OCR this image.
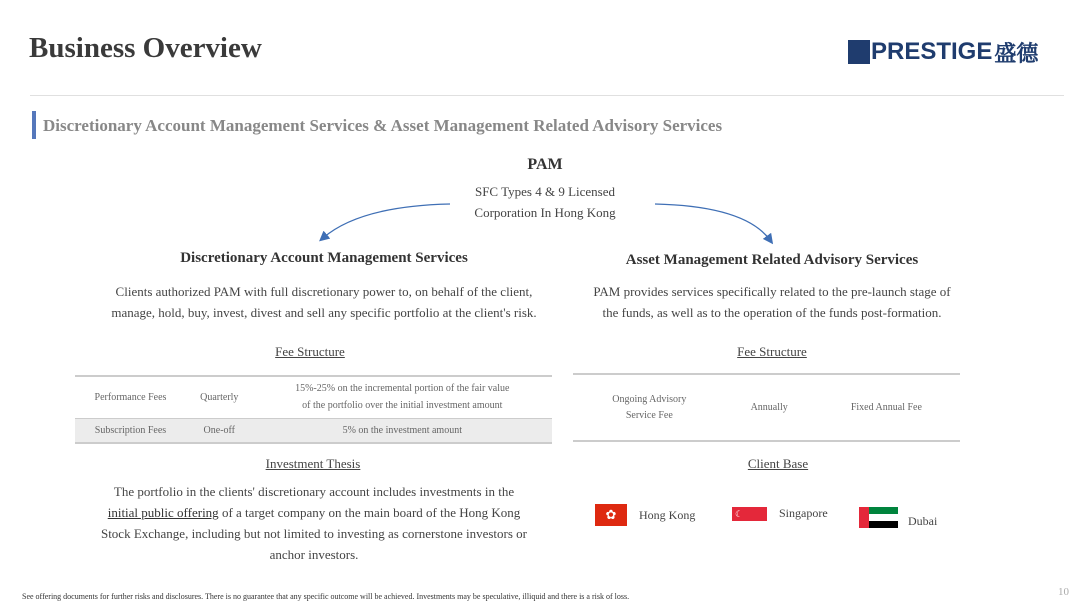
Business Overview	PRESTIGE 盛德
Discretionary Account Management Services & Asset Management Related Advisory Services
PAM
SFC Types 4 & 9 Licensed
Corporation In Hong Kong
Discretionary Account Management Services
Clients authorized PAM with full discretionary power to, on behalf of the client,
manage, hold, buy, invest, divest and sell any specific portfolio at the client's risk.
Fee Structure
Performance Fees	Quarterly	15%-25% on the incremental portion of the fair value
of the portfolio over the initial investment amount

Subscription Fees	One-off	5% on the investment amount
Investment Thesis
The portfolio in the clients' discretionary account includes investments in the
initial public offering of a target company on the main board of the Hong Kong
Stock Exchange, including but not limited to investing as cornerstone investors or
anchor investors.
Asset Management Related Advisory Services
PAM provides services specifically related to the pre-launch stage of
the funds, as well as to the operation of the funds post-formation.
Fee Structure
Ongoing Advisory
Service Fee
	Annually	Fixed Annual Fee
Client Base
✿	Hong Kong	☾	Singapore
Dubai
See offering documents for further risks and disclosures. There is no guarantee that any specific outcome will be achieved. Investments may be speculative, illiquid and there is a risk of loss.	10
